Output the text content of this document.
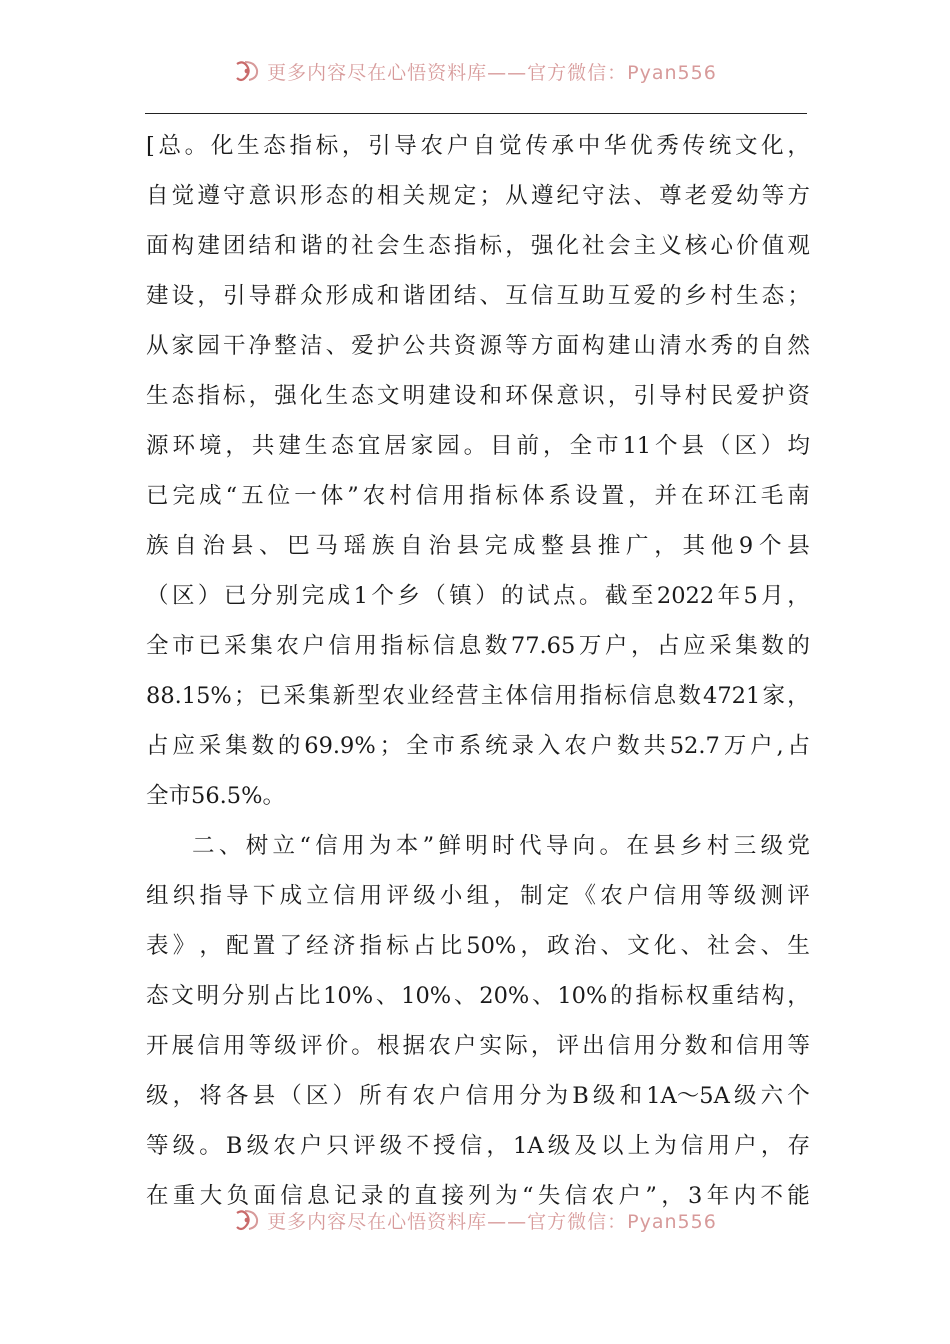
更多内容尽在心悟资料库——官方微信：Pyan556
[ 总 。 化 生 态 指 标 ， 引 导 农 户 自 觉 传 承 中 华 优 秀 传 统 文 化 ，
自 觉 遵 守 意 识 形 态 的 相 关 规 定 ； 从 遵 纪 守 法 、 尊 老 爱 幼 等 方
面 构 建 团 结 和 谐 的 社 会 生 态 指 标 ， 强 化 社 会 主 义 核 心 价 值 观
建 设 ， 引 导 群 众 形 成 和 谐 团 结 、 互 信 互 助 互 爱 的 乡 村 生 态 ；
从 家 园 干 净 整 洁 、 爱 护 公 共 资 源 等 方 面 构 建 山 清 水 秀 的 自 然
生 态 指 标 ， 强 化 生 态 文 明 建 设 和 环 保 意 识 ， 引 导 村 民 爱 护 资
源 环 境 ， 共 建 生 态 宜 居 家 园 。 目 前 ， 全 市 11 个 县 （ 区 ） 均
已 完 成 “ 五 位 一 体 ” 农 村 信 用 指 标 体 系 设 置 ， 并 在 环 江 毛 南
族 自 治 县 、 巴 马 瑶 族 自 治 县 完 成 整 县 推 广 ， 其 他 9 个 县
（ 区 ） 已 分 别 完 成 1 个 乡 （ 镇 ） 的 试 点 。 截 至 2022 年 5 月 ，
全 市 已 采 集 农 户 信 用 指 标 信 息 数 77.65 万 户 ， 占 应 采 集 数 的
88.15% ； 已 采 集 新 型 农 业 经 营 主 体 信 用 指 标 信 息 数 4721 家 ，
占 应 采 集 数 的 69.9% ； 全 市 系 统 录 入 农 户 数 共 52.7 万 户 , 占
全市56.5%。
二 、 树 立 “ 信 用 为 本 ” 鲜 明 时 代 导 向 。 在 县 乡 村 三 级 党
组 织 指 导 下 成 立 信 用 评 级 小 组 ， 制 定 《 农 户 信 用 等 级 测 评
表 》 ， 配 置 了 经 济 指 标 占 比 50% ， 政 治 、 文 化 、 社 会 、 生
态 文 明 分 别 占 比 10% 、 10% 、 20% 、 10% 的 指 标 权 重 结 构 ，
开 展 信 用 等 级 评 价 。 根 据 农 户 实 际 ， 评 出 信 用 分 数 和 信 用 等
级 ， 将 各 县 （ 区 ） 所 有 农 户 信 用 分 为 B 级 和 1A～5A 级 六 个
等 级 。 B 级 农 户 只 评 级 不 授 信 ， 1A 级 及 以 上 为 信 用 户 ， 存
在 重 大 负 面 信 息 记 录 的 直 接 列 为 “ 失 信 农 户 ” ， 3 年 内 不 能
更多内容尽在心悟资料库——官方微信：Pyan556
